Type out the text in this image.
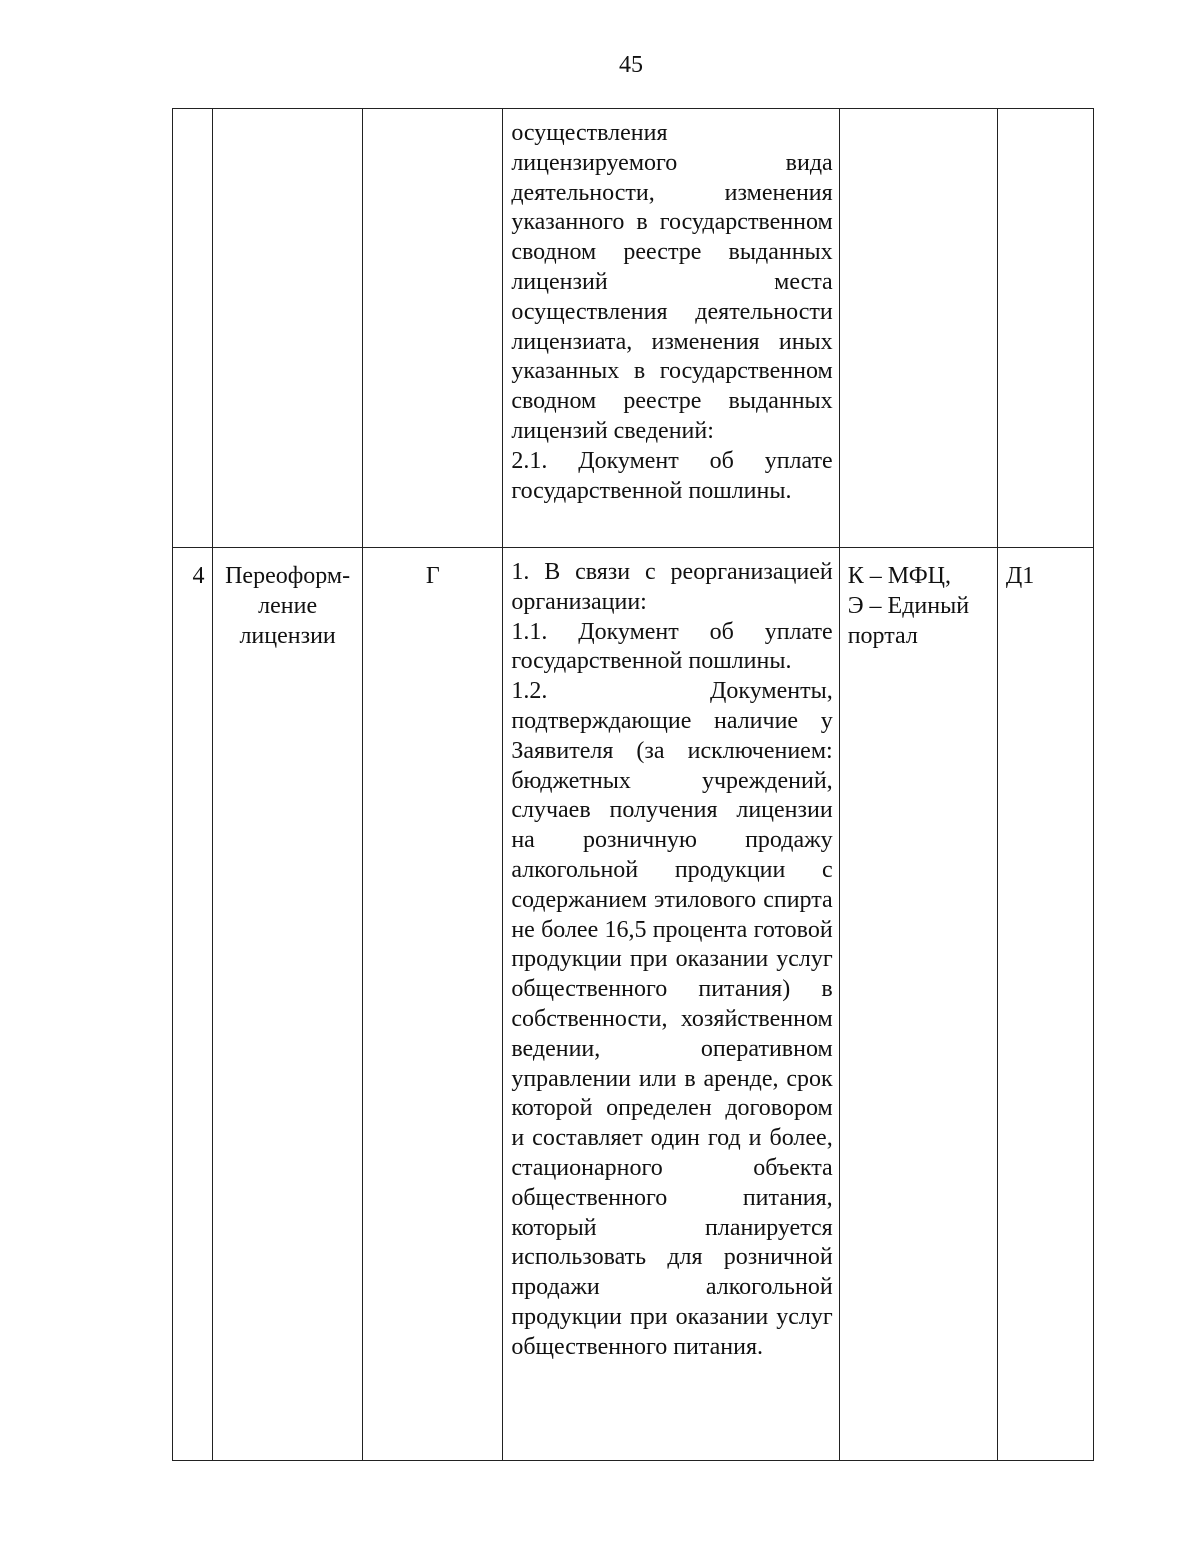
45

			осуществления лицензируемого вида деятельности, изменения указанного в государственном сводном реестре выданных лицензий места осуществления деятельности лицензиата, изменения иных указанных в государственном сводном реестре выданных лицензий сведений:
2.1. Документ об уплате государственной пошлины.		

4	Переоформ-ление лицензии	Г	1. В связи с реорганизацией организации:
1.1. Документ об уплате государственной пошлины.
1.2. Документы, подтверждающие наличие у Заявителя (за исключением: бюджетных учреждений, случаев получения лицензии на розничную продажу алкогольной продукции с содержанием этилового спирта не более 16,5 процента готовой продукции при оказании услуг общественного питания) в собственности, хозяйственном ведении, оперативном управлении или в аренде, срок которой определен договором и составляет один год и более, стационарного объекта общественного питания, который планируется использовать для розничной продажи алкогольной продукции при оказании услуг общественного питания.	К – МФЦ,
Э – Единый портал	Д1
